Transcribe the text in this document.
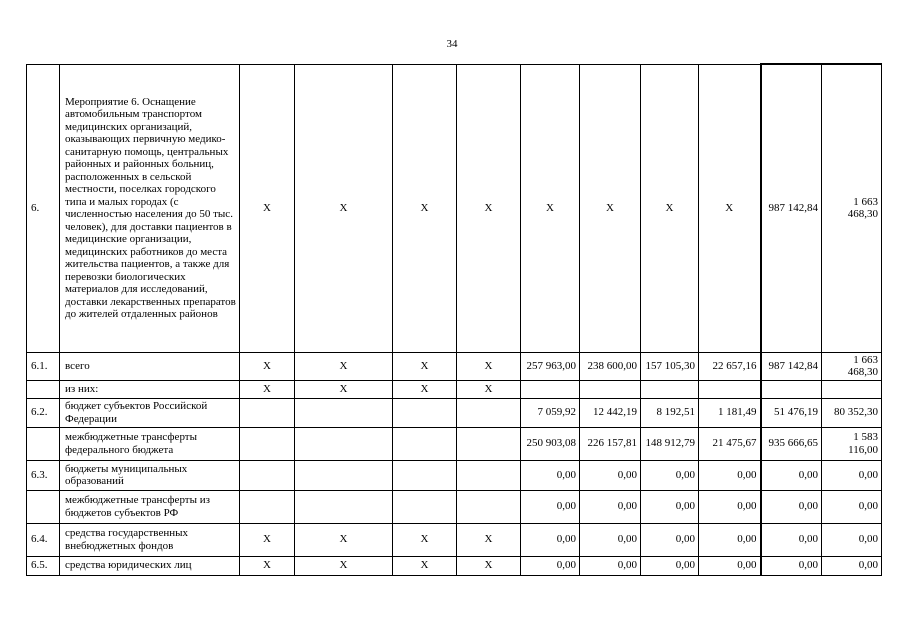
34
6.	Мероприятие 6. Оснащение автомобильным транспортом медицинских организаций, оказывающих первичную медико-санитарную помощь, центральных районных и районных больниц, расположенных в сельской местности, поселках городского типа и малых городах (с численностью населения до 50 тыс. человек), для доставки пациентов в медицинские организации, медицинских работников до места жительства пациентов, а также для перевозки биологических материалов для исследований, доставки лекарственных препаратов до жителей отдаленных районов	Х	Х	Х	Х	Х	Х	Х	Х	987 142,84	1 663 468,30
6.1.	всего	Х	Х	Х	Х	257 963,00	238 600,00	157 105,30	22 657,16	987 142,84	1 663 468,30
	из них:	Х	Х	Х	Х						
6.2.	бюджет субъектов Российской Федерации					7 059,92	12 442,19	8 192,51	1 181,49	51 476,19	80 352,30
	межбюджетные трансферты федерального бюджета					250 903,08	226 157,81	148 912,79	21 475,67	935 666,65	1 583 116,00
6.3.	бюджеты муниципальных образований					0,00	0,00	0,00	0,00	0,00	0,00
	межбюджетные трансферты из бюджетов субъектов РФ					0,00	0,00	0,00	0,00	0,00	0,00
6.4.	средства государственных внебюджетных фондов	Х	Х	Х	Х	0,00	0,00	0,00	0,00	0,00	0,00
6.5.	средства юридических лиц	Х	Х	Х	Х	0,00	0,00	0,00	0,00	0,00	0,00
